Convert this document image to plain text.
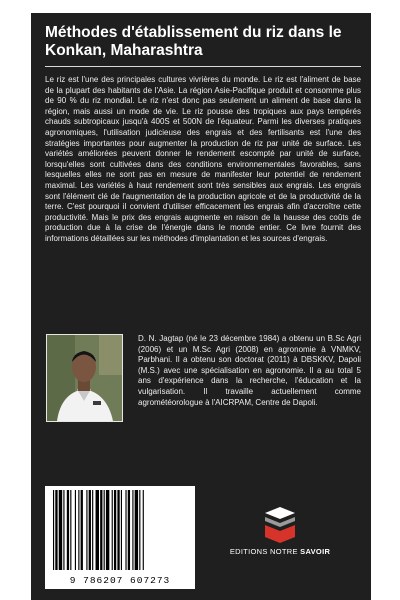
Méthodes d'établissement du riz dans le Konkan, Maharashtra
Le riz est l'une des principales cultures vivrières du monde. Le riz est l'aliment de base de la plupart des habitants de l'Asie. La région Asie-Pacifique produit et consomme plus de 90 % du riz mondial. Le riz n'est donc pas seulement un aliment de base dans la région, mais aussi un mode de vie. Le riz pousse des tropiques aux pays tempérés chauds subtropicaux jusqu'à 400S et 500N de l'équateur. Parmi les diverses pratiques agronomiques, l'utilisation judicieuse des engrais et des fertilisants est l'une des stratégies importantes pour augmenter la production de riz par unité de surface. Les variétés améliorées peuvent donner le rendement escompté par unité de surface, lorsqu'elles sont cultivées dans des conditions environnementales favorables, sans lesquelles elles ne sont pas en mesure de manifester leur potentiel de rendement maximal. Les variétés à haut rendement sont très sensibles aux engrais. Les engrais sont l'élément clé de l'augmentation de la production agricole et de la productivité de la terre. C'est pourquoi il convient d'utiliser efficacement les engrais afin d'accroître cette productivité. Mais le prix des engrais augmente en raison de la hausse des coûts de production due à la crise de l'énergie dans le monde entier. Ce livre fournit des informations détaillées sur les méthodes d'implantation et les sources d'engrais.
D. N. Jagtap (né le 23 décembre 1984) a obtenu un B.Sc Agri (2006) et un M.Sc Agri (2008) en agronomie à VNMKV, Parbhani. Il a obtenu son doctorat (2011) à DBSKKV, Dapoli (M.S.) avec une spécialisation en agronomie. Il a au total 5 ans d'expérience dans la recherche, l'éducation et la vulgarisation. Il travaille actuellement comme agrométéorologue à l'AICRPAM, Centre de Dapoli.
9 786207 607273
EDITIONS NOTRE SAVOIR
